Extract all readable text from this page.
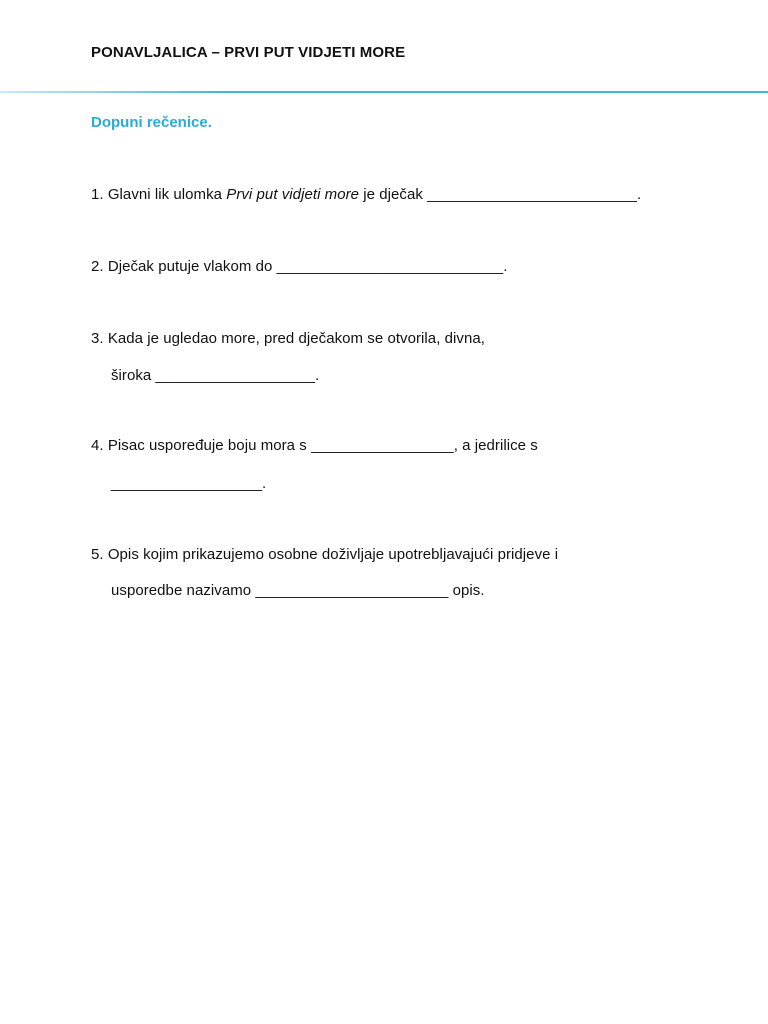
PONAVLJALICA – PRVI PUT VIDJETI MORE
Dopuni rečenice.
1. Glavni lik ulomka Prvi put vidjeti more je dječak _________________________.
2. Dječak putuje vlakom do ___________________________.
3. Kada je ugledao more, pred dječakom se otvorila, divna,
široka ___________________.
4. Pisac uspoređuje boju mora s _________________, a jedrilice s
__________________.
5. Opis kojim prikazujemo osobne doživljaje upotrebljavajući pridjeve i
usporedbe nazivamo _______________________ opis.
